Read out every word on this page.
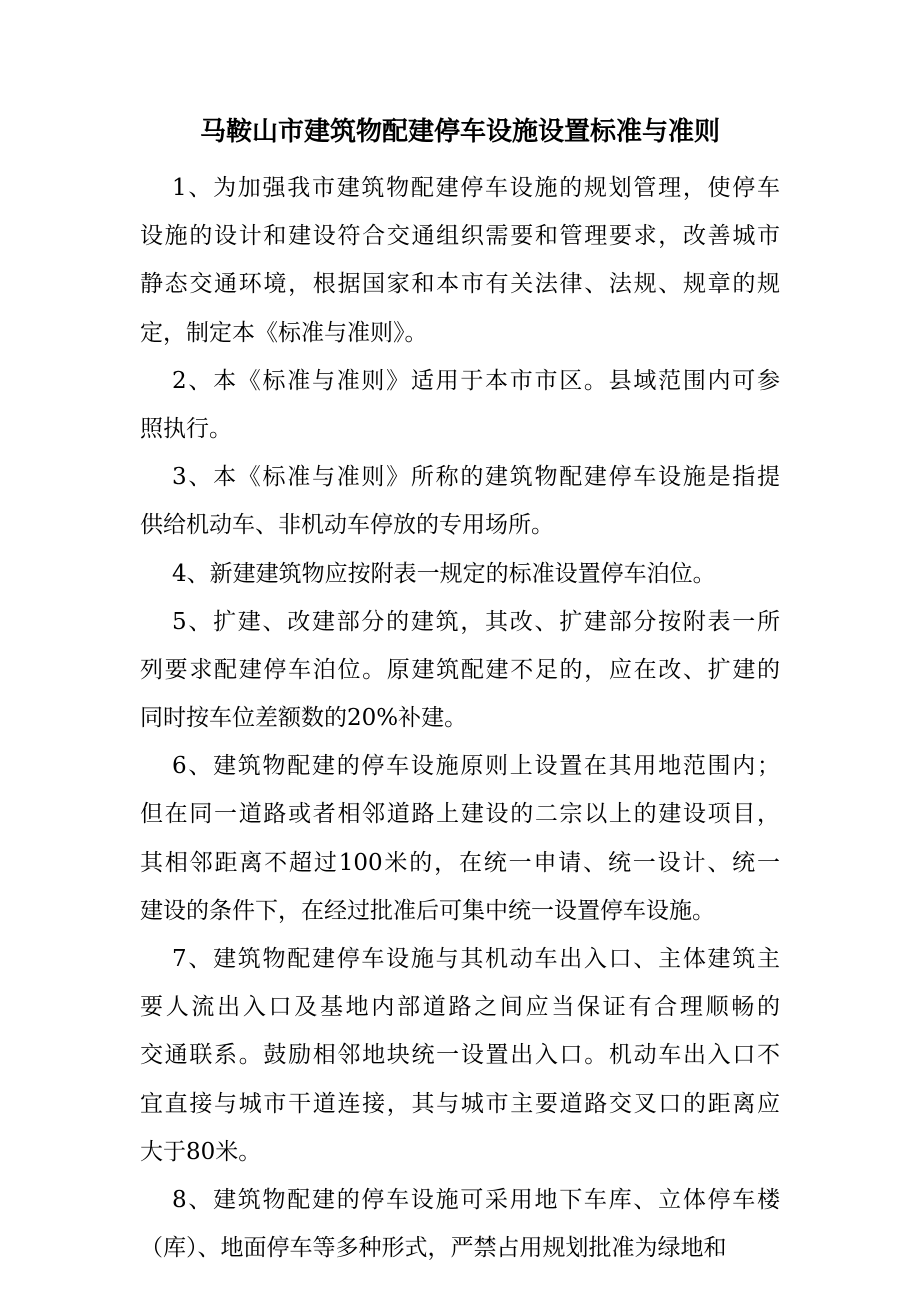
马鞍山市建筑物配建停车设施设置标准与准则
1、为加强我市建筑物配建停车设施的规划管理，使停车
设施的设计和建设符合交通组织需要和管理要求，改善城市
静态交通环境，根据国家和本市有关法律、法规、规章的规
定，制定本《标准与准则》。
2、本《标准与准则》适用于本市市区。县域范围内可参
照执行。
3、本《标准与准则》所称的建筑物配建停车设施是指提
供给机动车、非机动车停放的专用场所。
4、新建建筑物应按附表一规定的标准设置停车泊位。
5、扩建、改建部分的建筑，其改、扩建部分按附表一所
列要求配建停车泊位。原建筑配建不足的，应在改、扩建的
同时按车位差额数的20%补建。
6、建筑物配建的停车设施原则上设置在其用地范围内；
但在同一道路或者相邻道路上建设的二宗以上的建设项目，
其相邻距离不超过100米的，在统一申请、统一设计、统一
建设的条件下，在经过批准后可集中统一设置停车设施。
7、建筑物配建停车设施与其机动车出入口、主体建筑主
要人流出入口及基地内部道路之间应当保证有合理顺畅的
交通联系。鼓励相邻地块统一设置出入口。机动车出入口不
宜直接与城市干道连接，其与城市主要道路交叉口的距离应
大于80米。
8、建筑物配建的停车设施可采用地下车库、立体停车楼
（库）、地面停车等多种形式，严禁占用规划批准为绿地和
